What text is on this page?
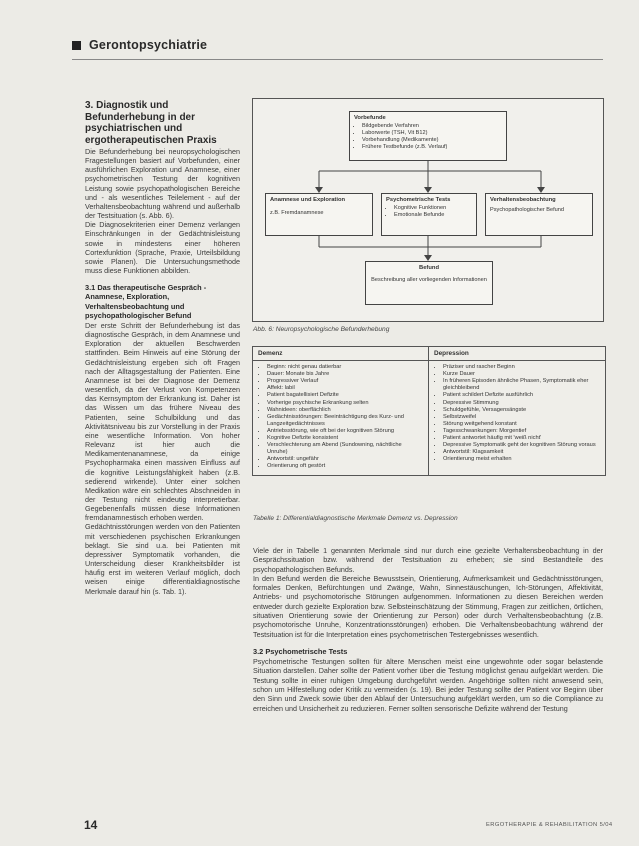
Gerontopsychiatrie

3. Diagnostik und Befunderhebung in der psychiatrischen und ergotherapeutischen Praxis

Die Befunderhebung bei neuropsychologischen Fragestellungen basiert auf Vorbefunden, einer ausführlichen Exploration und Anamnese, einer psychometrischen Testung der kognitiven Leistung sowie psychopathologischen Bereiche und - als wesentliches Teilelement - auf der Verhaltensbeobachtung während und außerhalb der Testsituation (s. Abb. 6).

Die Diagnosekriterien einer Demenz verlangen Einschränkungen in der Gedächtnisleistung sowie in mindestens einer höheren Cortexfunktion (Sprache, Praxie, Urteilsbildung sowie Planen). Die Untersuchungsmethode muss diese Funktionen abbilden.

3.1 Das therapeutische Gespräch - Anamnese, Exploration, Verhaltensbeobachtung und psychopathologischer Befund

Der erste Schritt der Befunderhebung ist das diagnostische Gespräch, in dem Anamnese und Exploration der aktuellen Beschwerden stattfinden. Beim Hinweis auf eine Störung der Gedächtnisleistung ergeben sich oft Fragen nach der Alltagsgestaltung der Patienten. Eine Anamnese ist bei der Diagnose der Demenz wesentlich, da der Verlust von Kompetenzen das Kernsymptom der Erkrankung ist. Daher ist das Wissen um das frühere Niveau des Patienten, seine Schulbildung und das Aktivitätsniveau bis zur Vorstellung in der Praxis eine wesentliche Information. Von hoher Relevanz ist hier auch die Medikamentenanamnese, da einige Psychopharmaka einen massiven Einfluss auf die kognitive Leistungsfähigkeit haben (z.B. sedierend wirkende). Unter einer solchen Medikation wäre ein schlechtes Abschneiden in der Testung nicht eindeutig interpretierbar. Gegebenenfalls müssen diese Informationen fremdanamnestisch erhoben werden.

Gedächtnisstörungen werden von den Patienten mit verschiedenen psychischen Erkrankungen beklagt. Sie sind u.a. bei Patienten mit depressiver Symptomatik vorhanden, die Unterscheidung dieser Krankheitsbilder ist häufig erst im weiteren Verlauf möglich, doch weisen einige differentialdiagnostische Merkmale darauf hin (s. Tab. 1).

Vorbefunde
• Bildgebende Verfahren
• Laborwerte (TSH, Vit B12)
• Vorbehandlung (Medikamente)
• Frühere Testbefunde (z.B. Verlauf)
Anamnese und Exploration
z.B. Fremdanamnese
Psychometrische Tests
• Kognitive Funktionen
• Emotionale Befunde
Verhaltensbeobachtung
Psychopathologischer Befund
Befund
Beschreibung aller vorliegenden Informationen
Abb. 6: Neuropsychologische Befunderhebung
Demenz	Depression
• Beginn: nicht genau datierbar
• Dauer: Monate bis Jahre
• Progressiver Verlauf
• Affekt: labil
• Patient bagatellisiert Defizite
• Vorherige psychische Erkrankung selten
• Wahnideen: oberflächlich
• Gedächtnisstörungen: Beeinträchtigung des Kurz- und Langzeitgedächtnisses
• Antriebsstörung, wie oft bei der kognitiven Störung
• Kognitive Defizite konsistent
• Verschlechterung am Abend (Sundowning, nächtliche Unruhe)
• Antwortstil: ungefähr
• Orientierung oft gestört
• Präziser und rascher Beginn
• Kurze Dauer
• In früheren Episoden ähnliche Phasen, Symptomatik eher gleichbleibend
• Patient schildert Defizite ausführlich
• Depressive Stimmung
• Schuldgefühle, Versagensängste
• Selbstzweifel
• Störung weitgehend konstant
• Tagesschwankungen: Morgentief
• Patient antwortet häufig mit 'weiß nicht'
• Depressive Symptomatik geht der kognitiven Störung voraus
• Antwortstil: Klagsamkeit
• Orientierung meist erhalten
Tabelle 1: Differentialdiagnostische Merkmale Demenz vs. Depression

Viele der in Tabelle 1 genannten Merkmale sind nur durch eine gezielte Verhaltensbeobachtung in der Gesprächssituation bzw. während der Testsituation zu erheben; sie sind Bestandteile des psychopathologischen Befunds.

In den Befund werden die Bereiche Bewusstsein, Orientierung, Aufmerksamkeit und Gedächtnisstörungen, formales Denken, Befürchtungen und Zwänge, Wahn, Sinnestäuschungen, Ich-Störungen, Affektivität, Antriebs- und psychomotorische Störungen aufgenommen. Informationen zu diesen Bereichen werden entweder durch gezielte Exploration bzw. Selbsteinschätzung der Stimmung, Fragen zur zeitlichen, örtlichen, situativen Orientierung sowie der Orientierung zur Person) oder durch Verhaltensbeobachtung (z.B. psychomotorische Unruhe, Konzentrationsstörungen) erhoben. Die Verhaltensbeobachtung während der Testsituation ist für die Interpretation eines psychometrischen Testergebnisses wesentlich.

3.2 Psychometrische Tests

Psychometrische Testungen sollten für ältere Menschen meist eine ungewohnte oder sogar belastende Situation darstellen. Daher sollte der Patient vorher über die Testung möglichst genau aufgeklärt werden. Die Testung sollte in einer ruhigen Umgebung durchgeführt werden. Angehörige sollten nicht anwesend sein, schon um Hilfestellung oder Kritik zu vermeiden (s. 19). Bei jeder Testung sollte der Patient vor Beginn über den Sinn und Zweck sowie über den Ablauf der Untersuchung aufgeklärt werden, um so die Compliance zu erreichen und Unsicherheit zu reduzieren. Ferner sollten sensorische Defizite während der Testung

14	ERGOTHERAPIE & REHABILITATION 5/04
